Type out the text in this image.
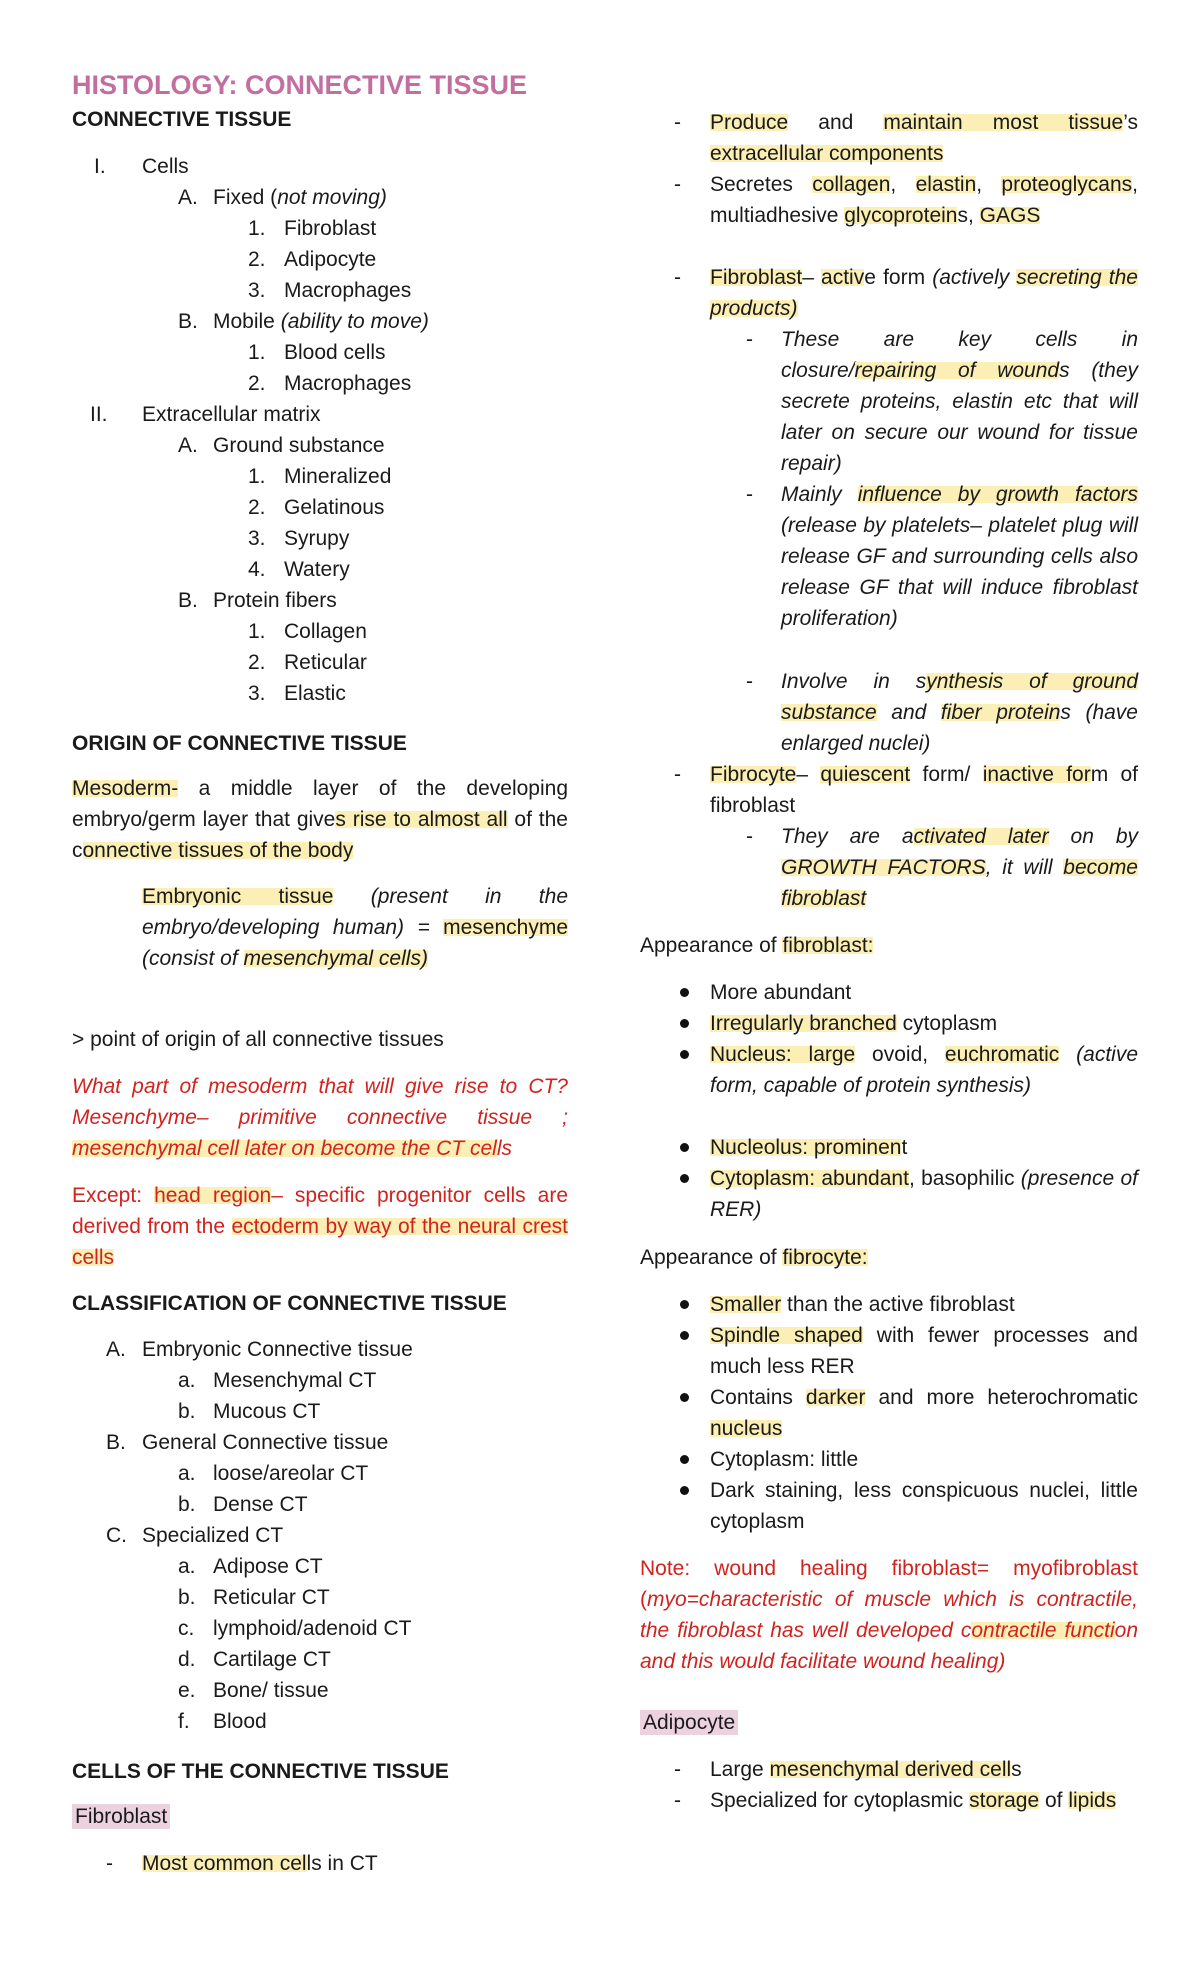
HISTOLOGY: CONNECTIVE TISSUE
CONNECTIVE TISSUE
I. Cells
A. Fixed (not moving)
1. Fibroblast
2. Adipocyte
3. Macrophages
B. Mobile (ability to move)
1. Blood cells
2. Macrophages
II. Extracellular matrix
A. Ground substance
1. Mineralized
2. Gelatinous
3. Syrupy
4. Watery
B. Protein fibers
1. Collagen
2. Reticular
3. Elastic
ORIGIN OF CONNECTIVE TISSUE
Mesoderm- a middle layer of the developing embryo/germ layer that gives rise to almost all of the connective tissues of the body
Embryonic tissue (present in the embryo/developing human) = mesenchyme (consist of mesenchymal cells)
> point of origin of all connective tissues
What part of mesoderm that will give rise to CT? Mesenchyme– primitive connective tissue ; mesenchymal cell later on become the CT cells
Except: head region– specific progenitor cells are derived from the ectoderm by way of the neural crest cells
CLASSIFICATION OF CONNECTIVE TISSUE
A. Embryonic Connective tissue
a. Mesenchymal CT
b. Mucous CT
B. General Connective tissue
a. loose/areolar CT
b. Dense CT
C. Specialized CT
a. Adipose CT
b. Reticular CT
c. lymphoid/adenoid CT
d. Cartilage CT
e. Bone/ tissue
f. Blood
CELLS OF THE CONNECTIVE TISSUE
Fibroblast
- Most common cells in CT
- Produce and maintain most tissue’s extracellular components
- Secretes collagen, elastin, proteoglycans, multiadhesive glycoproteins, GAGS
- Fibroblast– active form (actively secreting the products)
- These are key cells in closure/repairing of wounds (they secrete proteins, elastin etc that will later on secure our wound for tissue repair)
- Mainly influence by growth factors (release by platelets– platelet plug will release GF and surrounding cells also release GF that will induce fibroblast proliferation)
- Involve in synthesis of ground substance and fiber proteins (have enlarged nuclei)
- Fibrocyte– quiescent form/ inactive form of fibroblast
- They are activated later on by GROWTH FACTORS, it will become fibroblast
Appearance of fibroblast:
More abundant
Irregularly branched cytoplasm
Nucleus: large ovoid, euchromatic (active form, capable of protein synthesis)
Nucleolus: prominent
Cytoplasm: abundant, basophilic (presence of RER)
Appearance of fibrocyte:
Smaller than the active fibroblast
Spindle shaped with fewer processes and much less RER
Contains darker and more heterochromatic nucleus
Cytoplasm: little
Dark staining, less conspicuous nuclei, little cytoplasm
Note: wound healing fibroblast= myofibroblast (myo=characteristic of muscle which is contractile, the fibroblast has well developed contractile function and this would facilitate wound healing)
Adipocyte
- Large mesenchymal derived cells
- Specialized for cytoplasmic storage of lipids
